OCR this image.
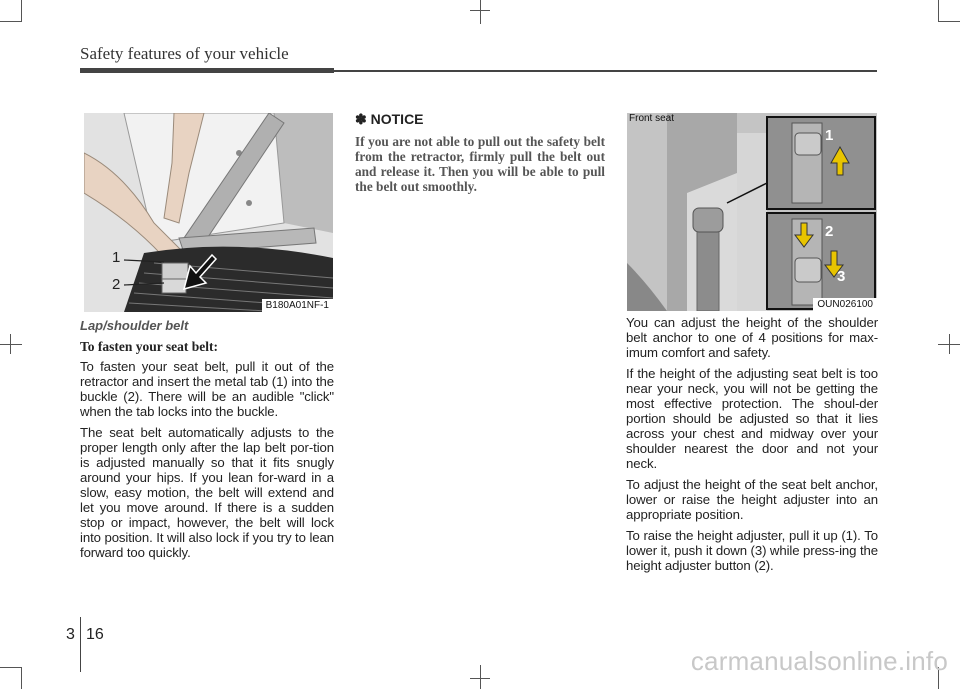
Safety features of your vehicle
1
2
B180A01NF-1

Lap/shoulder belt

To fasten your seat belt:

To fasten your seat belt, pull it out of the retractor and insert the metal tab (1) into the buckle (2). There will be an audible "click" when the tab locks into the buckle.

The seat belt automatically adjusts to the proper length only after the lap belt por-tion is adjusted manually so that it fits snugly around your hips. If you lean for-ward in a slow, easy motion, the belt will extend and let you move around. If there is a sudden stop or impact, however, the belt will lock into position. It will also lock if you try to lean forward too quickly.

✽ NOTICE

If you are not able to pull out the safety belt from the retractor, firmly pull the belt out and release it. Then you will be able to pull the belt out smoothly.

Front seat
1
2
3
OUN026100

You can adjust the height of the shoulder belt anchor to one of 4 positions for max-imum comfort and safety.

If the height of the adjusting seat belt is too near your neck, you will not be getting the most effective protection. The shoul-der portion should be adjusted so that it lies across your chest and midway over your shoulder nearest the door and not your neck.

To adjust the height of the seat belt anchor, lower or raise the height adjuster into an appropriate position.

To raise the height adjuster, pull it up (1). To lower it, push it down (3) while press-ing the height adjuster button (2).

3 16
carmanualsonline.info
